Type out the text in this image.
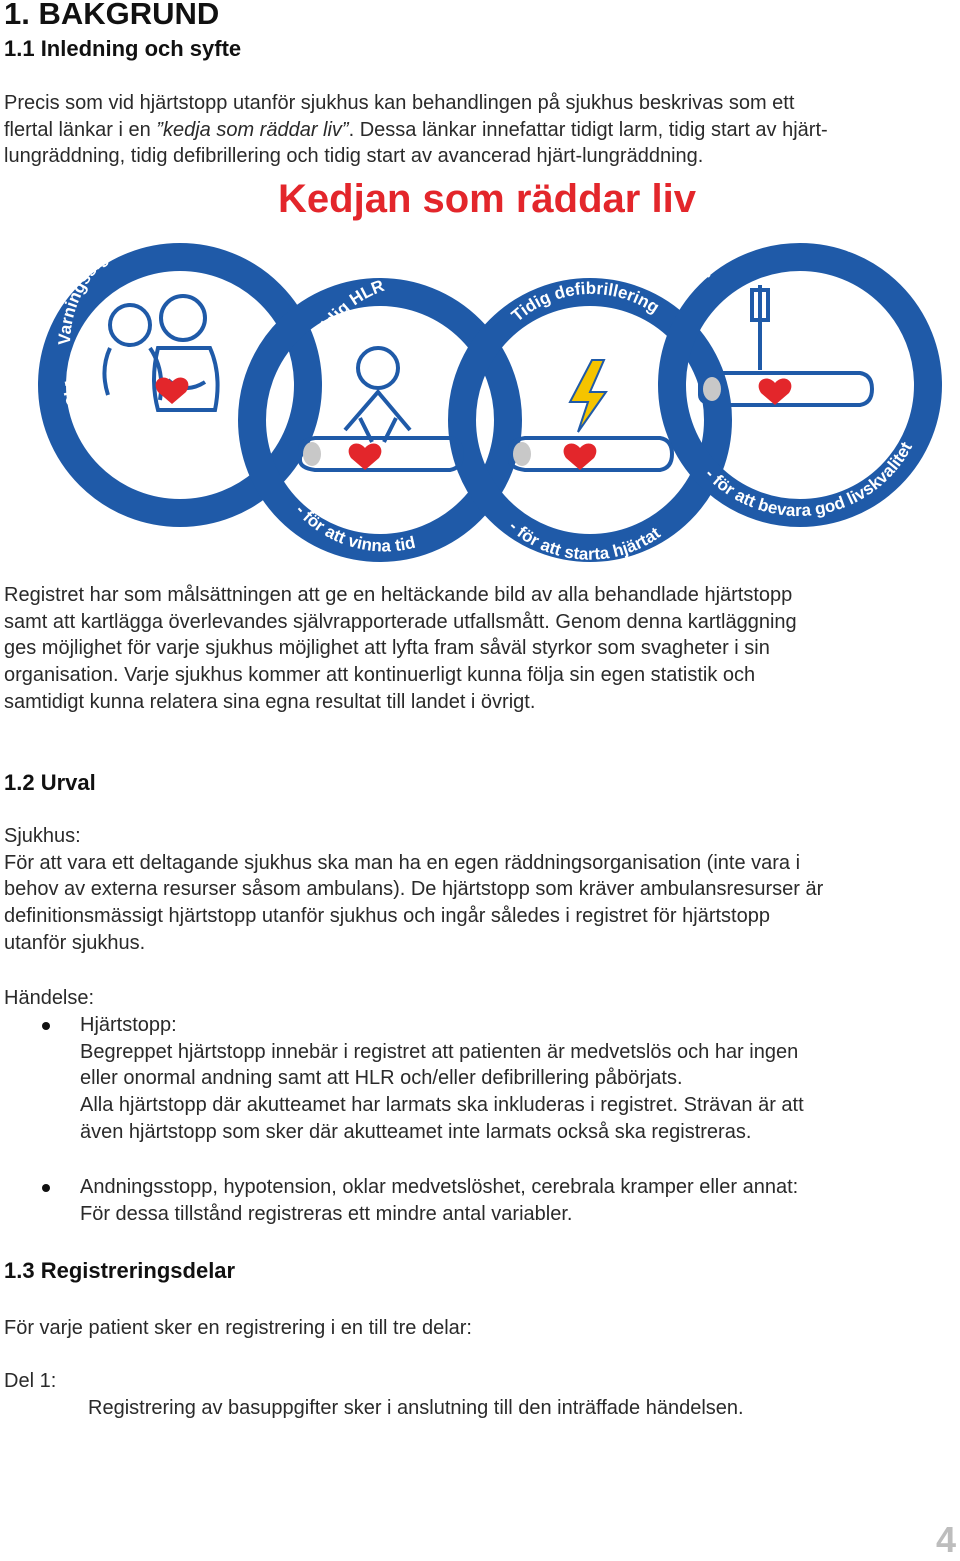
1. BAKGRUND
1.1 Inledning och syfte
Precis som vid hjärtstopp utanför sjukhus kan behandlingen på sjukhus beskrivas som ett
flertal länkar i en ”kedja som räddar liv”. Dessa länkar innefattar tidigt larm, tidig start av hjärt-
lungräddning, tidig defibrillering och tidig start av avancerad hjärt-lungräddning.
Kedjan som räddar liv
Varningssignaler och tidigt larm
Tidig HLR
Tidig defibrillering
Vård efter hjärtstopp
- för att förhindra hjärtstopp
- för att vinna tid
- för att starta hjärtat
- för att bevara god livskvalitet
Registret har som målsättningen att ge en heltäckande bild av alla behandlade hjärtstopp
samt att kartlägga överlevandes självrapporterade utfallsmått. Genom denna kartläggning
ges möjlighet för varje sjukhus möjlighet att lyfta fram såväl styrkor som svagheter i sin
organisation. Varje sjukhus kommer att kontinuerligt kunna följa sin egen statistik och
samtidigt kunna relatera sina egna resultat till landet i övrigt.
1.2 Urval
Sjukhus:
För att vara ett deltagande sjukhus ska man ha en egen räddningsorganisation (inte vara i
behov av externa resurser såsom ambulans). De hjärtstopp som kräver ambulansresurser är
definitionsmässigt hjärtstopp utanför sjukhus och ingår således i registret för hjärtstopp
utanför sjukhus.
Händelse:
Hjärtstopp:
Begreppet hjärtstopp innebär i registret att patienten är medvetslös och har ingen
eller onormal andning samt att HLR och/eller defibrillering påbörjats.
Alla hjärtstopp där akutteamet har larmats ska inkluderas i registret. Strävan är att
även hjärtstopp som sker där akutteamet inte larmats också ska registreras.
Andningsstopp, hypotension, oklar medvetslöshet, cerebrala kramper eller annat:
För dessa tillstånd registreras ett mindre antal variabler.
1.3 Registreringsdelar
För varje patient sker en registrering i en till tre delar:
Del 1:
Registrering av basuppgifter sker i anslutning till den inträffade händelsen.
4
